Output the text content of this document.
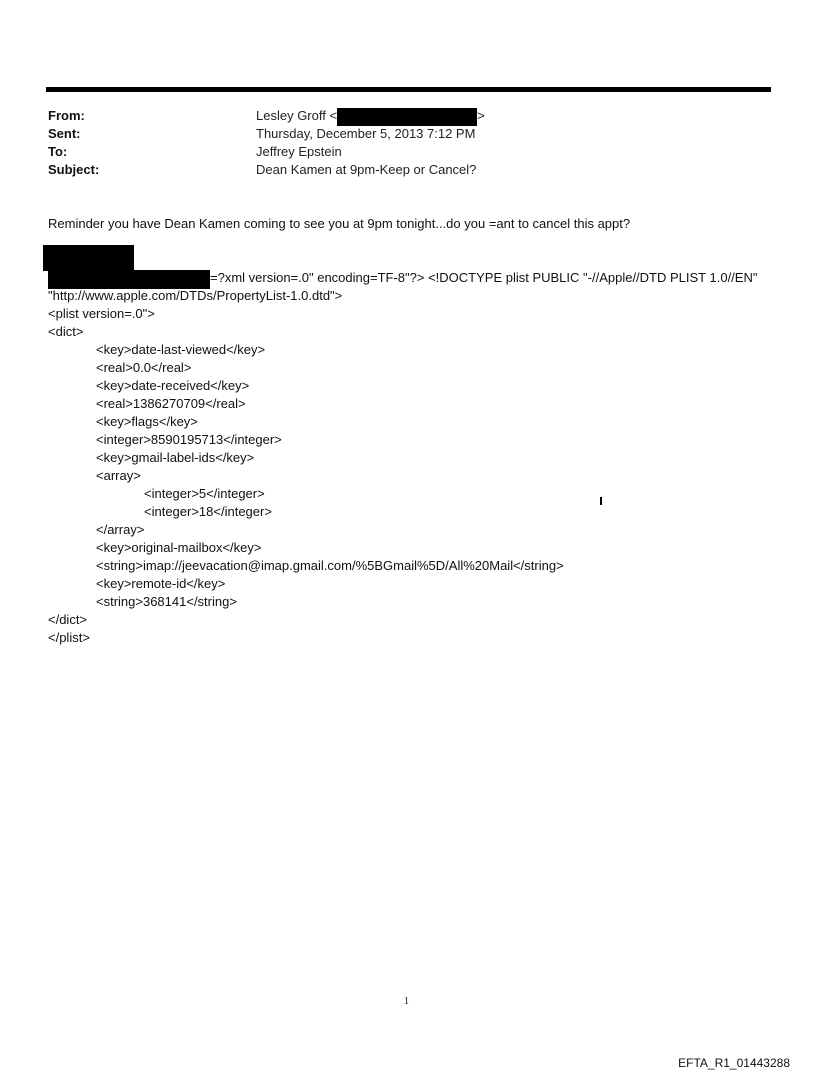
From:	Lesley Groff <	>
Sent:	Thursday, December 5, 2013 7:12 PM
To:	Jeffrey Epstein
Subject:	Dean Kamen at 9pm-Keep or Cancel?
Reminder you have Dean Kamen coming to see you at 9pm tonight...do you =ant to cancel this appt?
=?xml version=.0" encoding=TF-8"?> <!DOCTYPE plist PUBLIC "-//Apple//DTD PLIST 1.0//EN"
"http://www.apple.com/DTDs/PropertyList-1.0.dtd">
<plist version=.0">
<dict>
<key>date-last-viewed</key>
<real>0.0</real>
<key>date-received</key>
<real>1386270709</real>
<key>flags</key>
<integer>8590195713</integer>
<key>gmail-label-ids</key>
<array>
<integer>5</integer>
<integer>18</integer>
</array>
<key>original-mailbox</key>
<string>imap://jeevacation@imap.gmail.com/%5BGmail%5D/All%20Mail</string>
<key>remote-id</key>
<string>368141</string>
</dict>
</plist>
1
EFTA_R1_01443288
